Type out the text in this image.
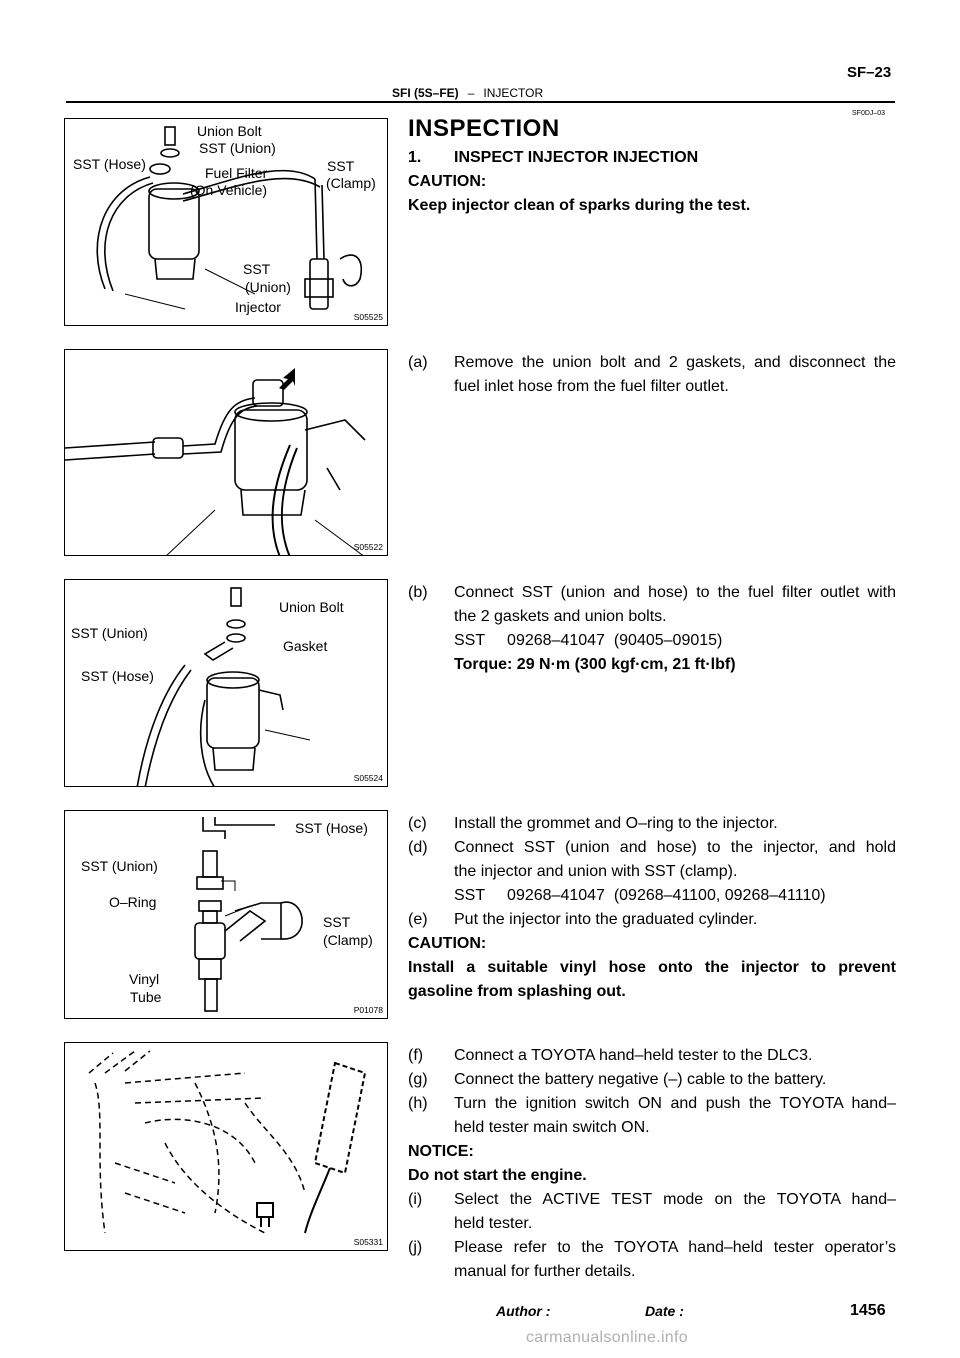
SF–23
SFI (5S–FE) – INJECTOR
SF0DJ–03
Union Bolt
SST (Union)
SST (Hose)
Fuel Filter
(On Vehicle)
SST
(Clamp)
SST
(Union)
Injector
S05525
S05522
Union Bolt
SST (Union)
Gasket
SST (Hose)
S05524
SST (Hose)
SST (Union)
O–Ring
SST
(Clamp)
Vinyl
Tube
P01078
S05331
INSPECTION
1. INSPECT INJECTOR INJECTION
CAUTION:
Keep injector clean of sparks during the test.
(a) Remove the union bolt and 2 gaskets, and disconnect the
fuel inlet hose from the fuel filter outlet.
(b) Connect SST (union and hose) to the fuel filter outlet with
the 2 gaskets and union bolts.
SST     09268–41047  (90405–09015)
Torque: 29 N·m (300 kgf·cm, 21 ft·lbf)
(c) Install the grommet and O–ring to the injector.
(d) Connect SST (union and hose) to the injector, and hold
the injector and union with SST (clamp).
SST     09268–41047  (09268–41100, 09268–41110)
(e) Put the injector into the graduated cylinder.
CAUTION:
Install a suitable vinyl hose onto the injector to prevent
gasoline from splashing out.
(f) Connect a TOYOTA hand–held tester to the DLC3.
(g) Connect the battery negative (–) cable to the battery.
(h) Turn the ignition switch ON and push the TOYOTA hand–
held tester main switch ON.
NOTICE:
Do not start the engine.
(i) Select the ACTIVE TEST mode on the TOYOTA hand–
held tester.
(j) Please refer to the TOYOTA hand–held tester operator’s
manual for further details.
Author :	Date :	1456
carmanualsonline.info
